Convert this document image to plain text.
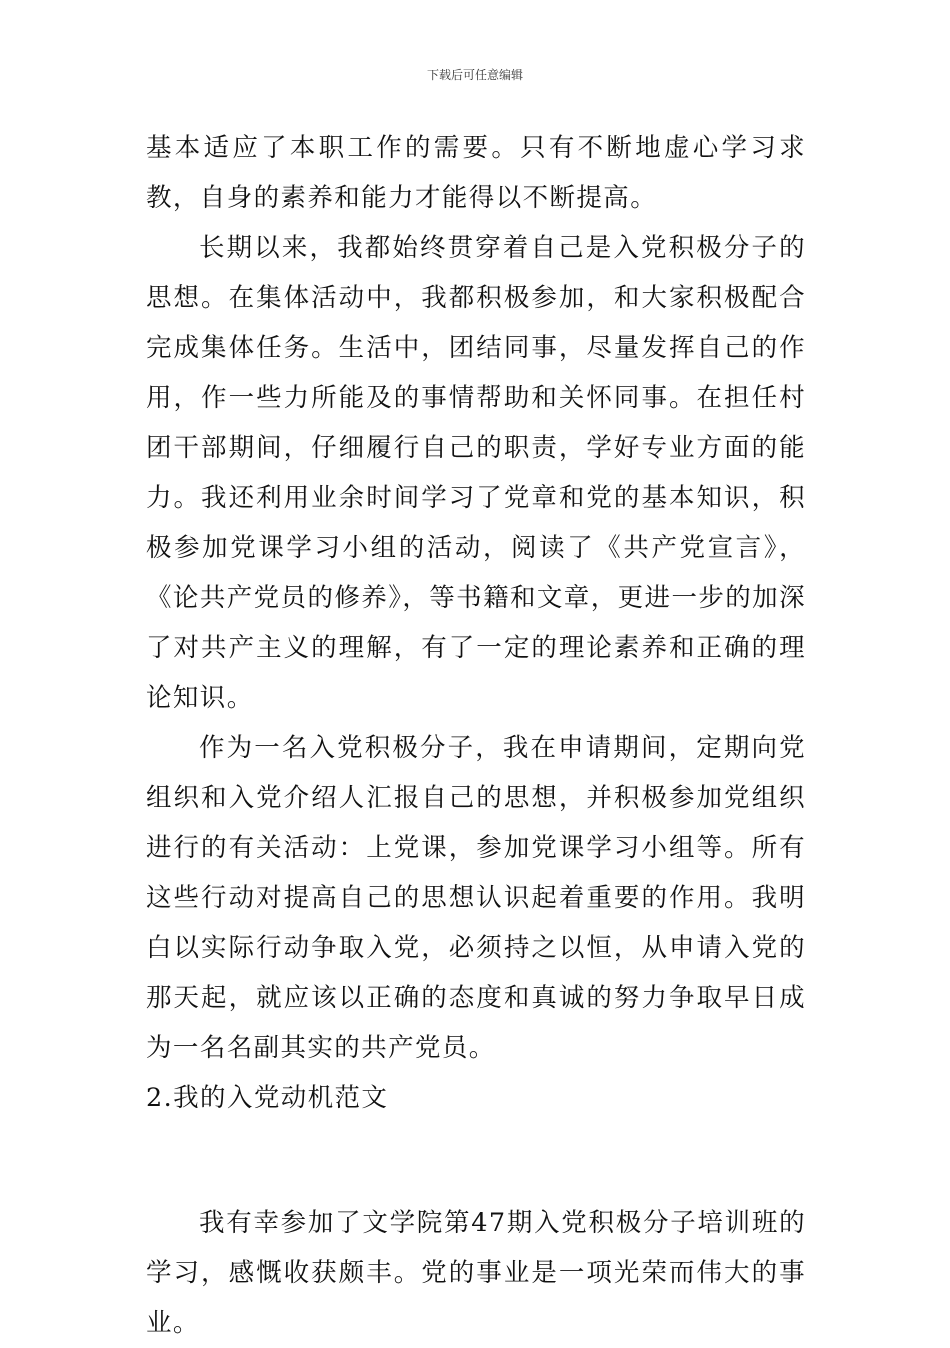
下载后可任意编辑

基本适应了本职工作的需要。只有不断地虚心学习求教，自身的素养和能力才能得以不断提高。

长期以来，我都始终贯穿着自己是入党积极分子的思想。在集体活动中，我都积极参加，和大家积极配合完成集体任务。生活中，团结同事，尽量发挥自己的作用，作一些力所能及的事情帮助和关怀同事。在担任村团干部期间，仔细履行自己的职责，学好专业方面的能力。我还利用业余时间学习了党章和党的基本知识，积极参加党课学习小组的活动，阅读了《共产党宣言》，《论共产党员的修养》，等书籍和文章，更进一步的加深了对共产主义的理解，有了一定的理论素养和正确的理论知识。

作为一名入党积极分子，我在申请期间，定期向党组织和入党介绍人汇报自己的思想，并积极参加党组织进行的有关活动：上党课，参加党课学习小组等。所有这些行动对提高自己的思想认识起着重要的作用。我明白以实际行动争取入党，必须持之以恒，从申请入党的那天起，就应该以正确的态度和真诚的努力争取早日成为一名名副其实的共产党员。

2.我的入党动机范文

我有幸参加了文学院第47期入党积极分子培训班的学习，感慨收获颇丰。党的事业是一项光荣而伟大的事业。
